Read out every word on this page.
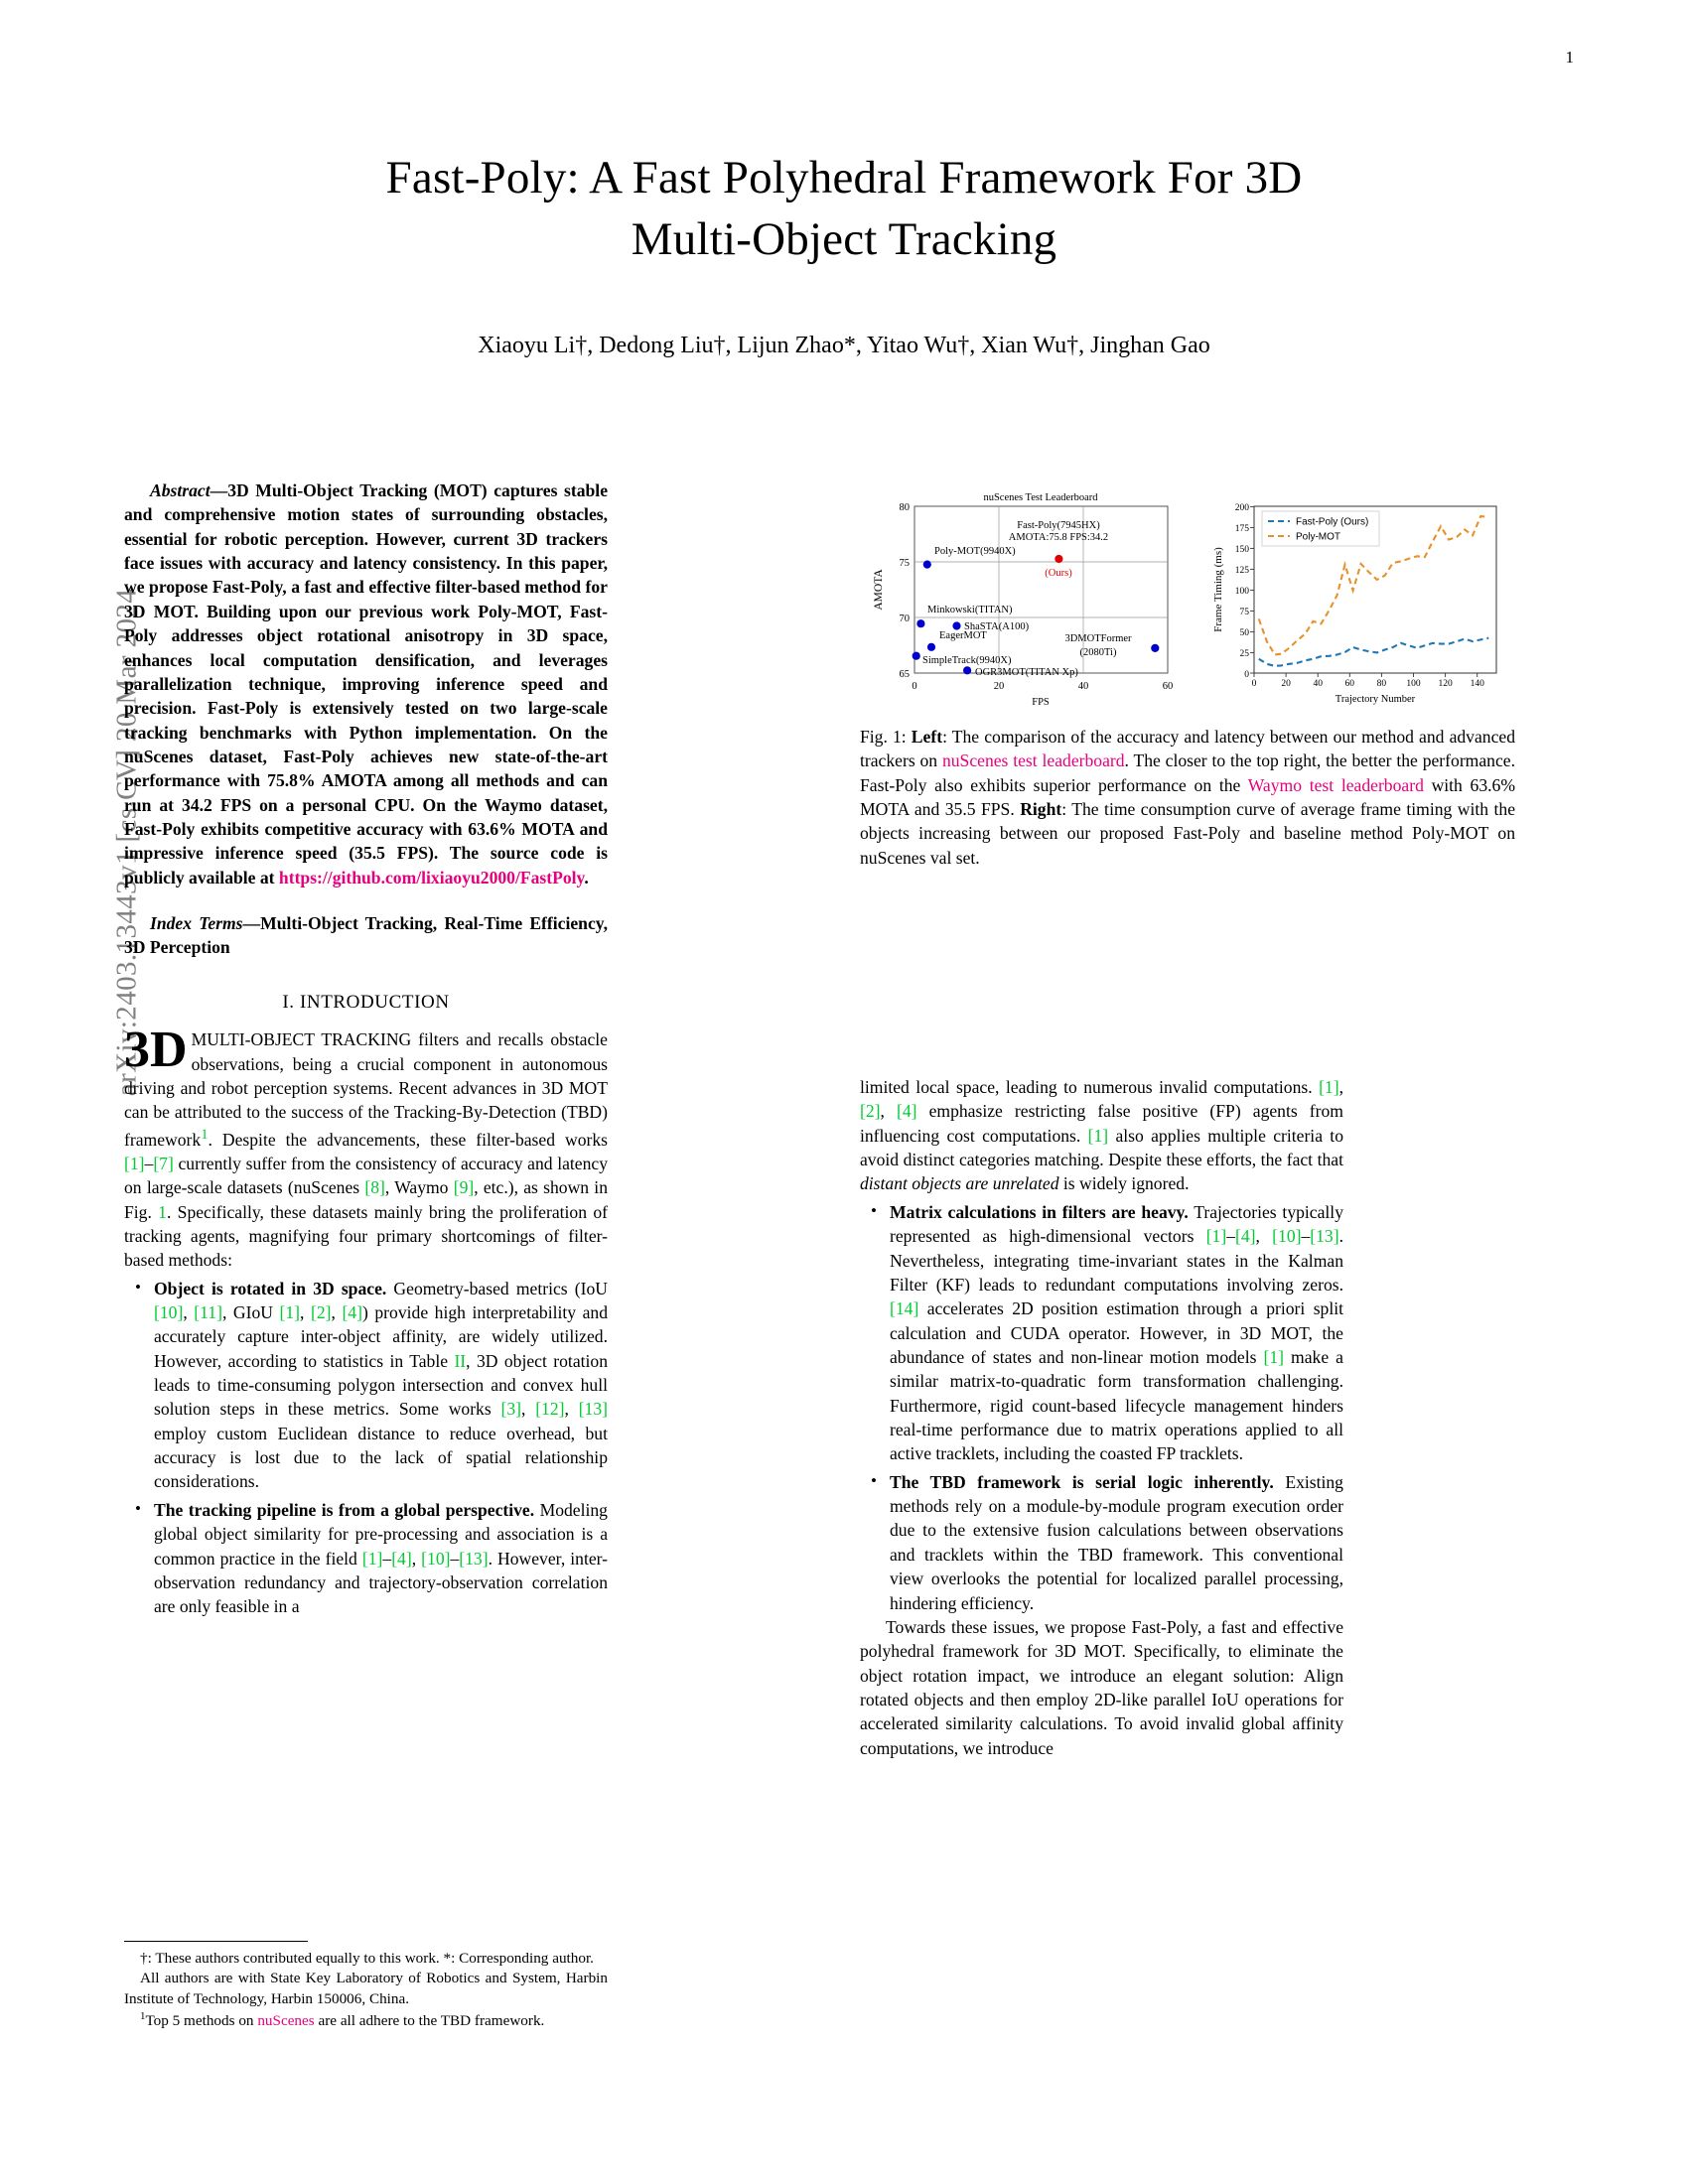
arXiv:2403.13443v1 [cs.CV] 20 Mar 2024
1
Fast-Poly: A Fast Polyhedral Framework For 3D
Multi-Object Tracking
Xiaoyu Li†, Dedong Liu†, Lijun Zhao*, Yitao Wu†, Xian Wu†, Jinghan Gao

Abstract—3D Multi-Object Tracking (MOT) captures stable and comprehensive motion states of surrounding obstacles, essential for robotic perception. However, current 3D trackers face issues with accuracy and latency consistency. In this paper, we propose Fast-Poly, a fast and effective filter-based method for 3D MOT. Building upon our previous work Poly-MOT, Fast-Poly addresses object rotational anisotropy in 3D space, enhances local computation densification, and leverages parallelization technique, improving inference speed and precision. Fast-Poly is extensively tested on two large-scale tracking benchmarks with Python implementation. On the nuScenes dataset, Fast-Poly achieves new state-of-the-art performance with 75.8% AMOTA among all methods and can run at 34.2 FPS on a personal CPU. On the Waymo dataset, Fast-Poly exhibits competitive accuracy with 63.6% MOTA and impressive inference speed (35.5 FPS). The source code is publicly available at https://github.com/lixiaoyu2000/FastPoly.

Index Terms—Multi-Object Tracking, Real-Time Efficiency, 3D Perception

I. INTRODUCTION

3D MULTI-OBJECT TRACKING filters and recalls obstacle observations, being a crucial component in autonomous driving and robot perception systems. Recent advances in 3D MOT can be attributed to the success of the Tracking-By-Detection (TBD) framework$^1$. Despite the advancements, these filter-based works [1]–[7] currently suffer from the consistency of accuracy and latency on large-scale datasets (nuScenes [8], Waymo [9], etc.), as shown in Fig. 1. Specifically, these datasets mainly bring the proliferation of tracking agents, magnifying four primary shortcomings of filter-based methods:

• Object is rotated in 3D space. Geometry-based metrics (IoU [10], [11], GIoU [1], [2], [4]) provide high interpretability and accurately capture inter-object affinity, are widely utilized. However, according to statistics in Table II, 3D object rotation leads to time-consuming polygon intersection and convex hull solution steps in these metrics. Some works [3], [12], [13] employ custom Euclidean distance to reduce overhead, but accuracy is lost due to the lack of spatial relationship considerations.
• The tracking pipeline is from a global perspective. Modeling global object similarity for pre-processing and association is a common practice in the field [1]–[4], [10]–[13]. However, inter-observation redundancy and trajectory-observation correlation are only feasible in a

†: These authors contributed equally to this work. *: Corresponding author.

All authors are with State Key Laboratory of Robotics and System, Harbin Institute of Technology, Harbin 150006, China.

$^1$Top 5 methods on nuScenes are all adhere to the TBD framework.

nuScenes Test Leaderboard
80
75
70
65
0	20	40	60
FPS
AMOTA
Poly-MOT(9940X)
Fast-Poly(7945HX)
AMOTA:75.8 FPS:34.2
(Ours)
Minkowski(TITAN)
ShaSTA(A100)
EagerMOT
SimpleTrack(9940X)
OGR3MOT(TITAN Xp)
3DMOTFormer
(2080Ti)
200
175
150
125
100
75
50
25
0
0	20 40 60 80 100 120 140
Trajectory Number
Frame Timing (ms)
Fast-Poly (Ours)
Poly-MOT

Fig. 1: Left: The comparison of the accuracy and latency between our method and advanced trackers on nuScenes test leaderboard. The closer to the top right, the better the performance. Fast-Poly also exhibits superior performance on the Waymo test leaderboard with 63.6% MOTA and 35.5 FPS. Right: The time consumption curve of average frame timing with the objects increasing between our proposed Fast-Poly and baseline method Poly-MOT on nuScenes val set.

limited local space, leading to numerous invalid computations. [1], [2], [4] emphasize restricting false positive (FP) agents from influencing cost computations. [1] also applies multiple criteria to avoid distinct categories matching. Despite these efforts, the fact that distant objects are unrelated is widely ignored.

• Matrix calculations in filters are heavy. Trajectories typically represented as high-dimensional vectors [1]–[4], [10]–[13]. Nevertheless, integrating time-invariant states in the Kalman Filter (KF) leads to redundant computations involving zeros. [14] accelerates 2D position estimation through a priori split calculation and CUDA operator. However, in 3D MOT, the abundance of states and non-linear motion models [1] make a similar matrix-to-quadratic form transformation challenging. Furthermore, rigid count-based lifecycle management hinders real-time performance due to matrix operations applied to all active tracklets, including the coasted FP tracklets.
• The TBD framework is serial logic inherently. Existing methods rely on a module-by-module program execution order due to the extensive fusion calculations between observations and tracklets within the TBD framework. This conventional view overlooks the potential for localized parallel processing, hindering efficiency.

Towards these issues, we propose Fast-Poly, a fast and effective polyhedral framework for 3D MOT. Specifically, to eliminate the object rotation impact, we introduce an elegant solution: Align rotated objects and then employ 2D-like parallel IoU operations for accelerated similarity calculations. To avoid invalid global affinity computations, we introduce
